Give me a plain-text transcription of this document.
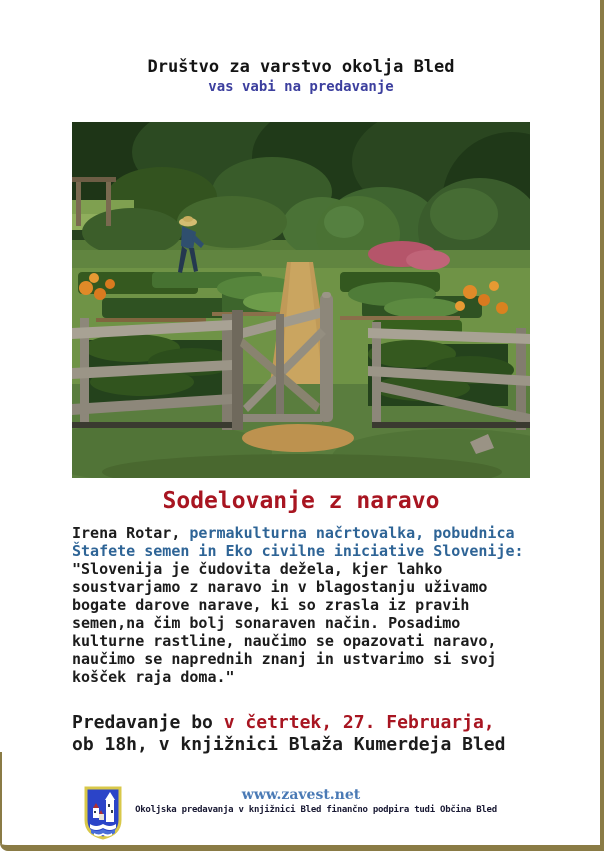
Društvo za varstvo okolja Bled
vas vabi na predavanje
Sodelovanje z naravo
Irena Rotar, permakulturna načrtovalka, pobudnica
Štafete semen in Eko civilne iniciative Slovenije:
"Slovenija je čudovita dežela, kjer lahko
soustvarjamo z naravo in v blagostanju uživamo
bogate darove narave, ki so zrasla iz pravih
semen,na čim bolj sonaraven način. Posadimo
kulturne rastline, naučimo se opazovati naravo,
naučimo se naprednih znanj in ustvarimo si svoj
košček raja doma."
Predavanje bo v četrtek, 27. Februarja,
ob 18h, v knjižnici Blaža Kumerdeja Bled
www.zavest.net
Okoljska predavanja v knjižnici Bled finančno podpira tudi Občina Bled
